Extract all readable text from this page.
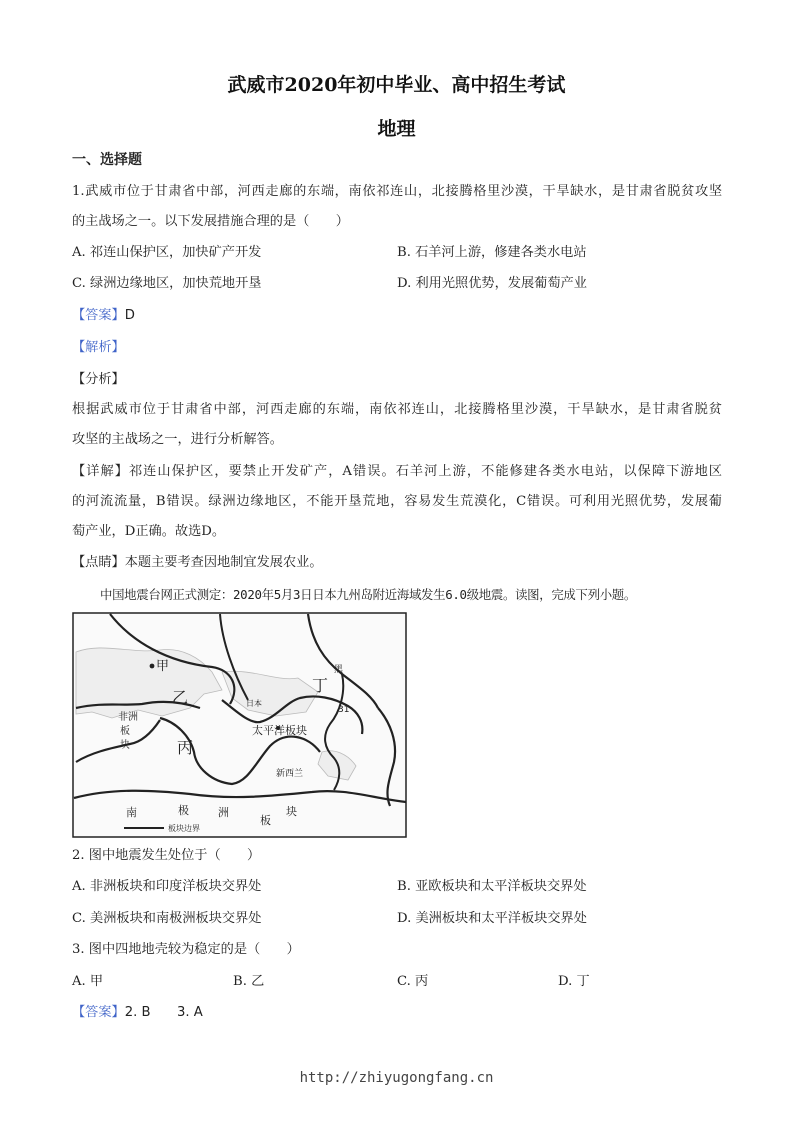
武威市2020年初中毕业、高中招生考试
地理
一、选择题
1.武威市位于甘肃省中部，河西走廊的东端，南依祁连山，北接腾格里沙漠，干旱缺水，是甘肃省脱贫攻坚
的主战场之一。以下发展措施合理的是（　　）
A. 祁连山保护区，加快矿产开发	B. 石羊河上游，修建各类水电站
C. 绿洲边缘地区，加快荒地开垦	D. 利用光照优势，发展葡萄产业
【答案】D
【解析】
【分析】
根据武威市位于甘肃省中部，河西走廊的东端，南依祁连山，北接腾格里沙漠，干旱缺水，是甘肃省脱贫
攻坚的主战场之一，进行分析解答。
【详解】祁连山保护区，要禁止开发矿产，A错误。石羊河上游，不能修建各类水电站，以保障下游地区
的河流流量，B错误。绿洲边缘地区，不能开垦荒地，容易发生荒漠化，C错误。可利用光照优势，发展葡
萄产业，D正确。故选D。
【点睛】本题主要考查因地制宜发展农业。
中国地震台网正式测定：2020年5月3日日本九州岛附近海域发生6.0级地震。读图，完成下列小题。
甲
乙
丙
丁
非 洲
板
块
太平洋板块
日本
黑
31
新西兰
南	极	洲
板
块
板块边界
2. 图中地震发生处位于（　　）
A. 非洲板块和印度洋板块交界处	B. 亚欧板块和太平洋板块交界处
C. 美洲板块和南极洲板块交界处	D. 美洲板块和太平洋板块交界处
3. 图中四地地壳较为稳定的是（　　）
A. 甲	B. 乙	C. 丙	D. 丁
【答案】2. B　　3. A
http://zhiyugongfang.cn
